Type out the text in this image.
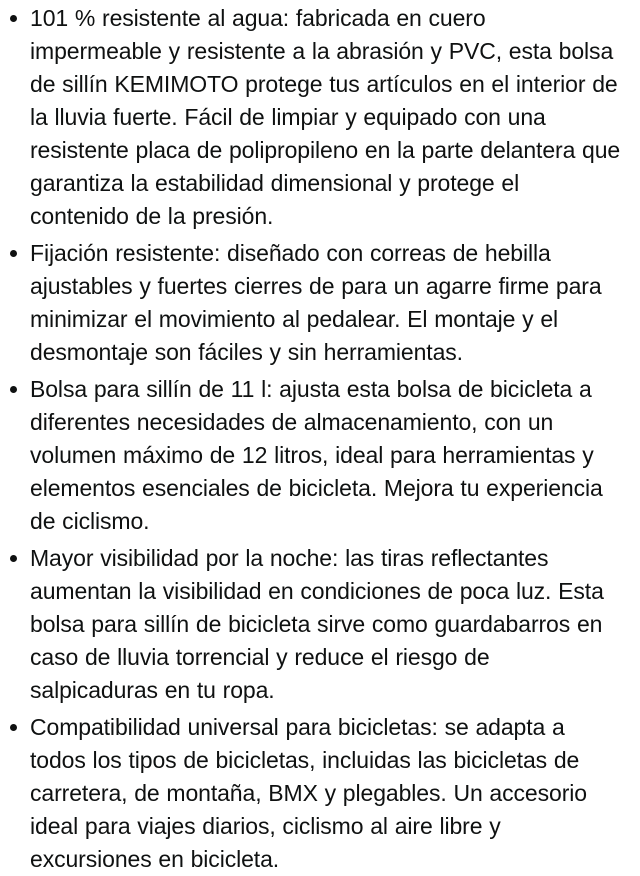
101 % resistente al agua: fabricada en cuero impermeable y resistente a la abrasión y PVC, esta bolsa de sillín KEMIMOTO protege tus artículos en el interior de la lluvia fuerte. Fácil de limpiar y equipado con una resistente placa de polipropileno en la parte delantera que garantiza la estabilidad dimensional y protege el contenido de la presión.
Fijación resistente: diseñado con correas de hebilla ajustables y fuertes cierres de para un agarre firme para minimizar el movimiento al pedalear. El montaje y el desmontaje son fáciles y sin herramientas.
Bolsa para sillín de 11 l: ajusta esta bolsa de bicicleta a diferentes necesidades de almacenamiento, con un volumen máximo de 12 litros, ideal para herramientas y elementos esenciales de bicicleta. Mejora tu experiencia de ciclismo.
Mayor visibilidad por la noche: las tiras reflectantes aumentan la visibilidad en condiciones de poca luz. Esta bolsa para sillín de bicicleta sirve como guardabarros en caso de lluvia torrencial y reduce el riesgo de salpicaduras en tu ropa.
Compatibilidad universal para bicicletas: se adapta a todos los tipos de bicicletas, incluidas las bicicletas de carretera, de montaña, BMX y plegables. Un accesorio ideal para viajes diarios, ciclismo al aire libre y excursiones en bicicleta.
